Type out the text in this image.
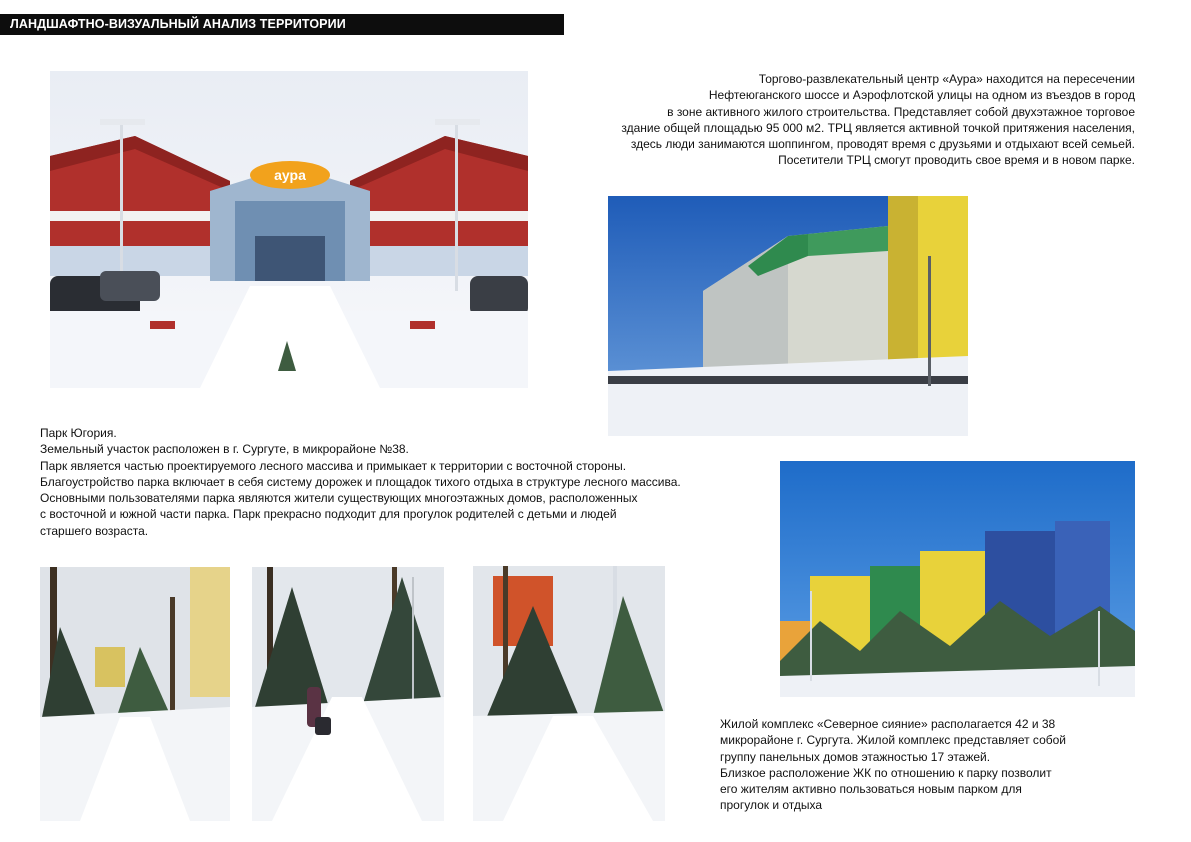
ЛАНДШАФТНО-ВИЗУАЛЬНЫЙ АНАЛИЗ ТЕРРИТОРИИ
аура
Торгово-развлекательный центр «Аура» находится на пересечении
Нефтеюганского шоссе и Аэрофлотской улицы на одном из въездов в город
в зоне активного жилого строительства. Представляет собой двухэтажное торговое
здание общей площадью 95 000 м2. ТРЦ является активной точкой притяжения населения,
здесь люди занимаются шоппингом, проводят время с друзьями и отдыхают всей семьей.
Посетители ТРЦ смогут проводить свое время и в новом парке.
Парк Югория.
Земельный участок расположен в г. Сургуте, в микрорайоне №38.
Парк является частью проектируемого лесного массива и примыкает к территории с восточной стороны.
Благоустройство парка включает в себя систему дорожек и площадок тихого отдыха в структуре лесного массива.
Основными пользователями парка являются жители существующих многоэтажных домов, расположенных
с восточной и южной части парка. Парк прекрасно подходит для прогулок родителей с детьми и людей
старшего возраста.
Жилой комплекс «Северное сияние» располагается 42 и 38
микрорайоне г. Сургута. Жилой комплекс представляет собой
группу панельных домов этажностью 17 этажей.
Близкое расположение ЖК по отношению к парку позволит
его жителям активно пользоваться новым парком для
прогулок и отдыха
